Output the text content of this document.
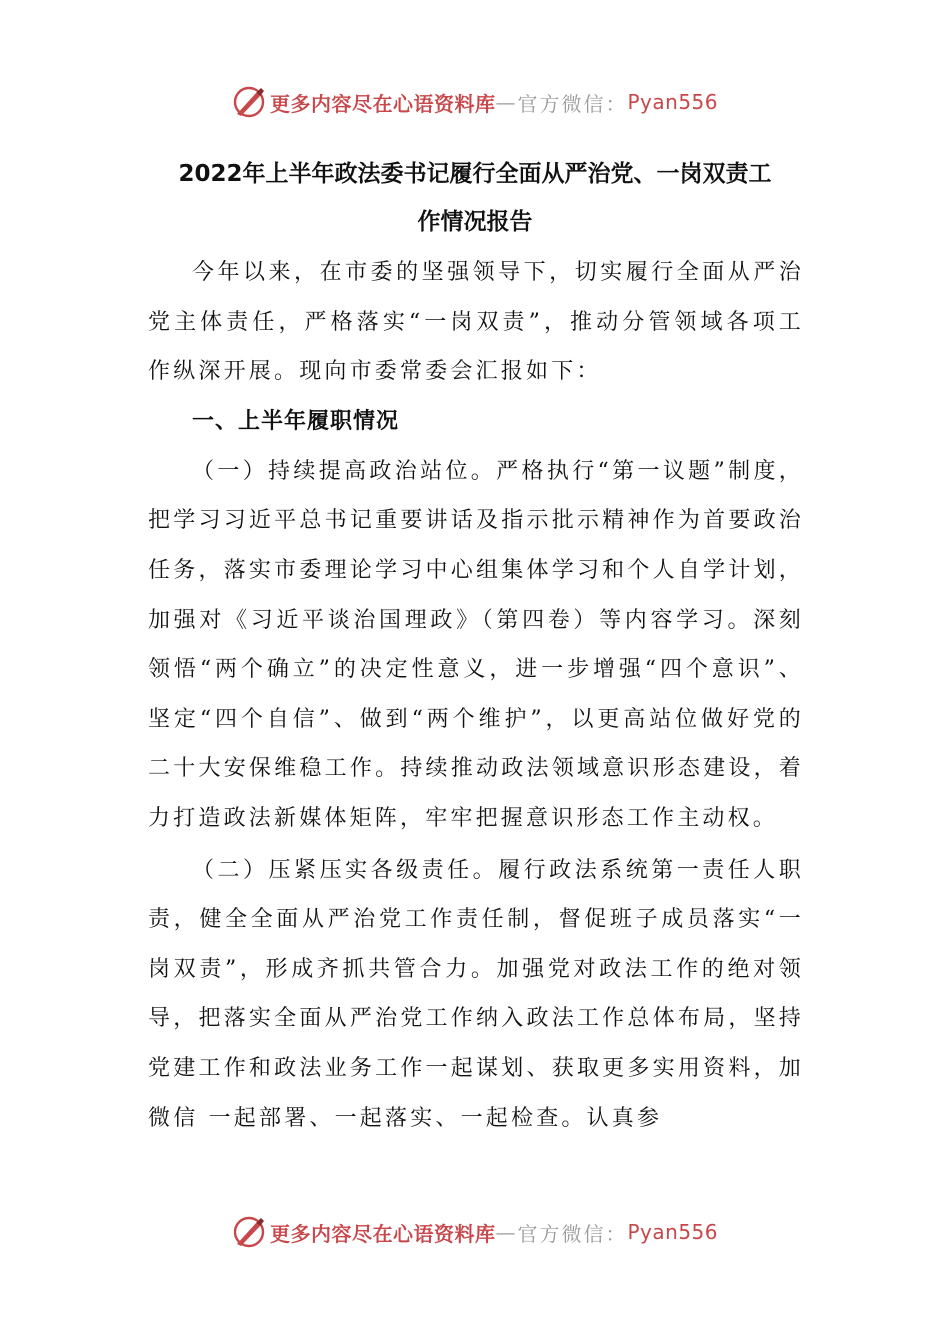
更多内容尽在心语资料库 — 官方微信： Pyan556
2022年上半年政法委书记履行全面从严治党、一岗双责工
作情况报告

今年以来，在市委的坚强领导下，切实履行全面从严治党主体责任，严格落实“一岗双责”，推动分管领域各项工作纵深开展。现向市委常委会汇报如下：

一、上半年履职情况

（一）持续提高政治站位。严格执行“第一议题”制度，把学习习近平总书记重要讲话及指示批示精神作为首要政治任务，落实市委理论学习中心组集体学习和个人自学计划，加强对《习近平谈治国理政》（第四卷）等内容学习。深刻领悟“两个确立”的决定性意义，进一步增强“四个意识”、坚定“四个自信”、做到“两个维护”，以更高站位做好党的二十大安保维稳工作。持续推动政法领域意识形态建设，着力打造政法新媒体矩阵，牢牢把握意识形态工作主动权。

（二）压紧压实各级责任。履行政法系统第一责任人职责，健全全面从严治党工作责任制，督促班子成员落实“一岗双责”，形成齐抓共管合力。加强党对政法工作的绝对领导，把落实全面从严治党工作纳入政法工作总体布局，坚持党建工作和政法业务工作一起谋划、获取更多实用资料，加微信 一起部署、一起落实、一起检查。认真参

更多内容尽在心语资料库 — 官方微信： Pyan556
